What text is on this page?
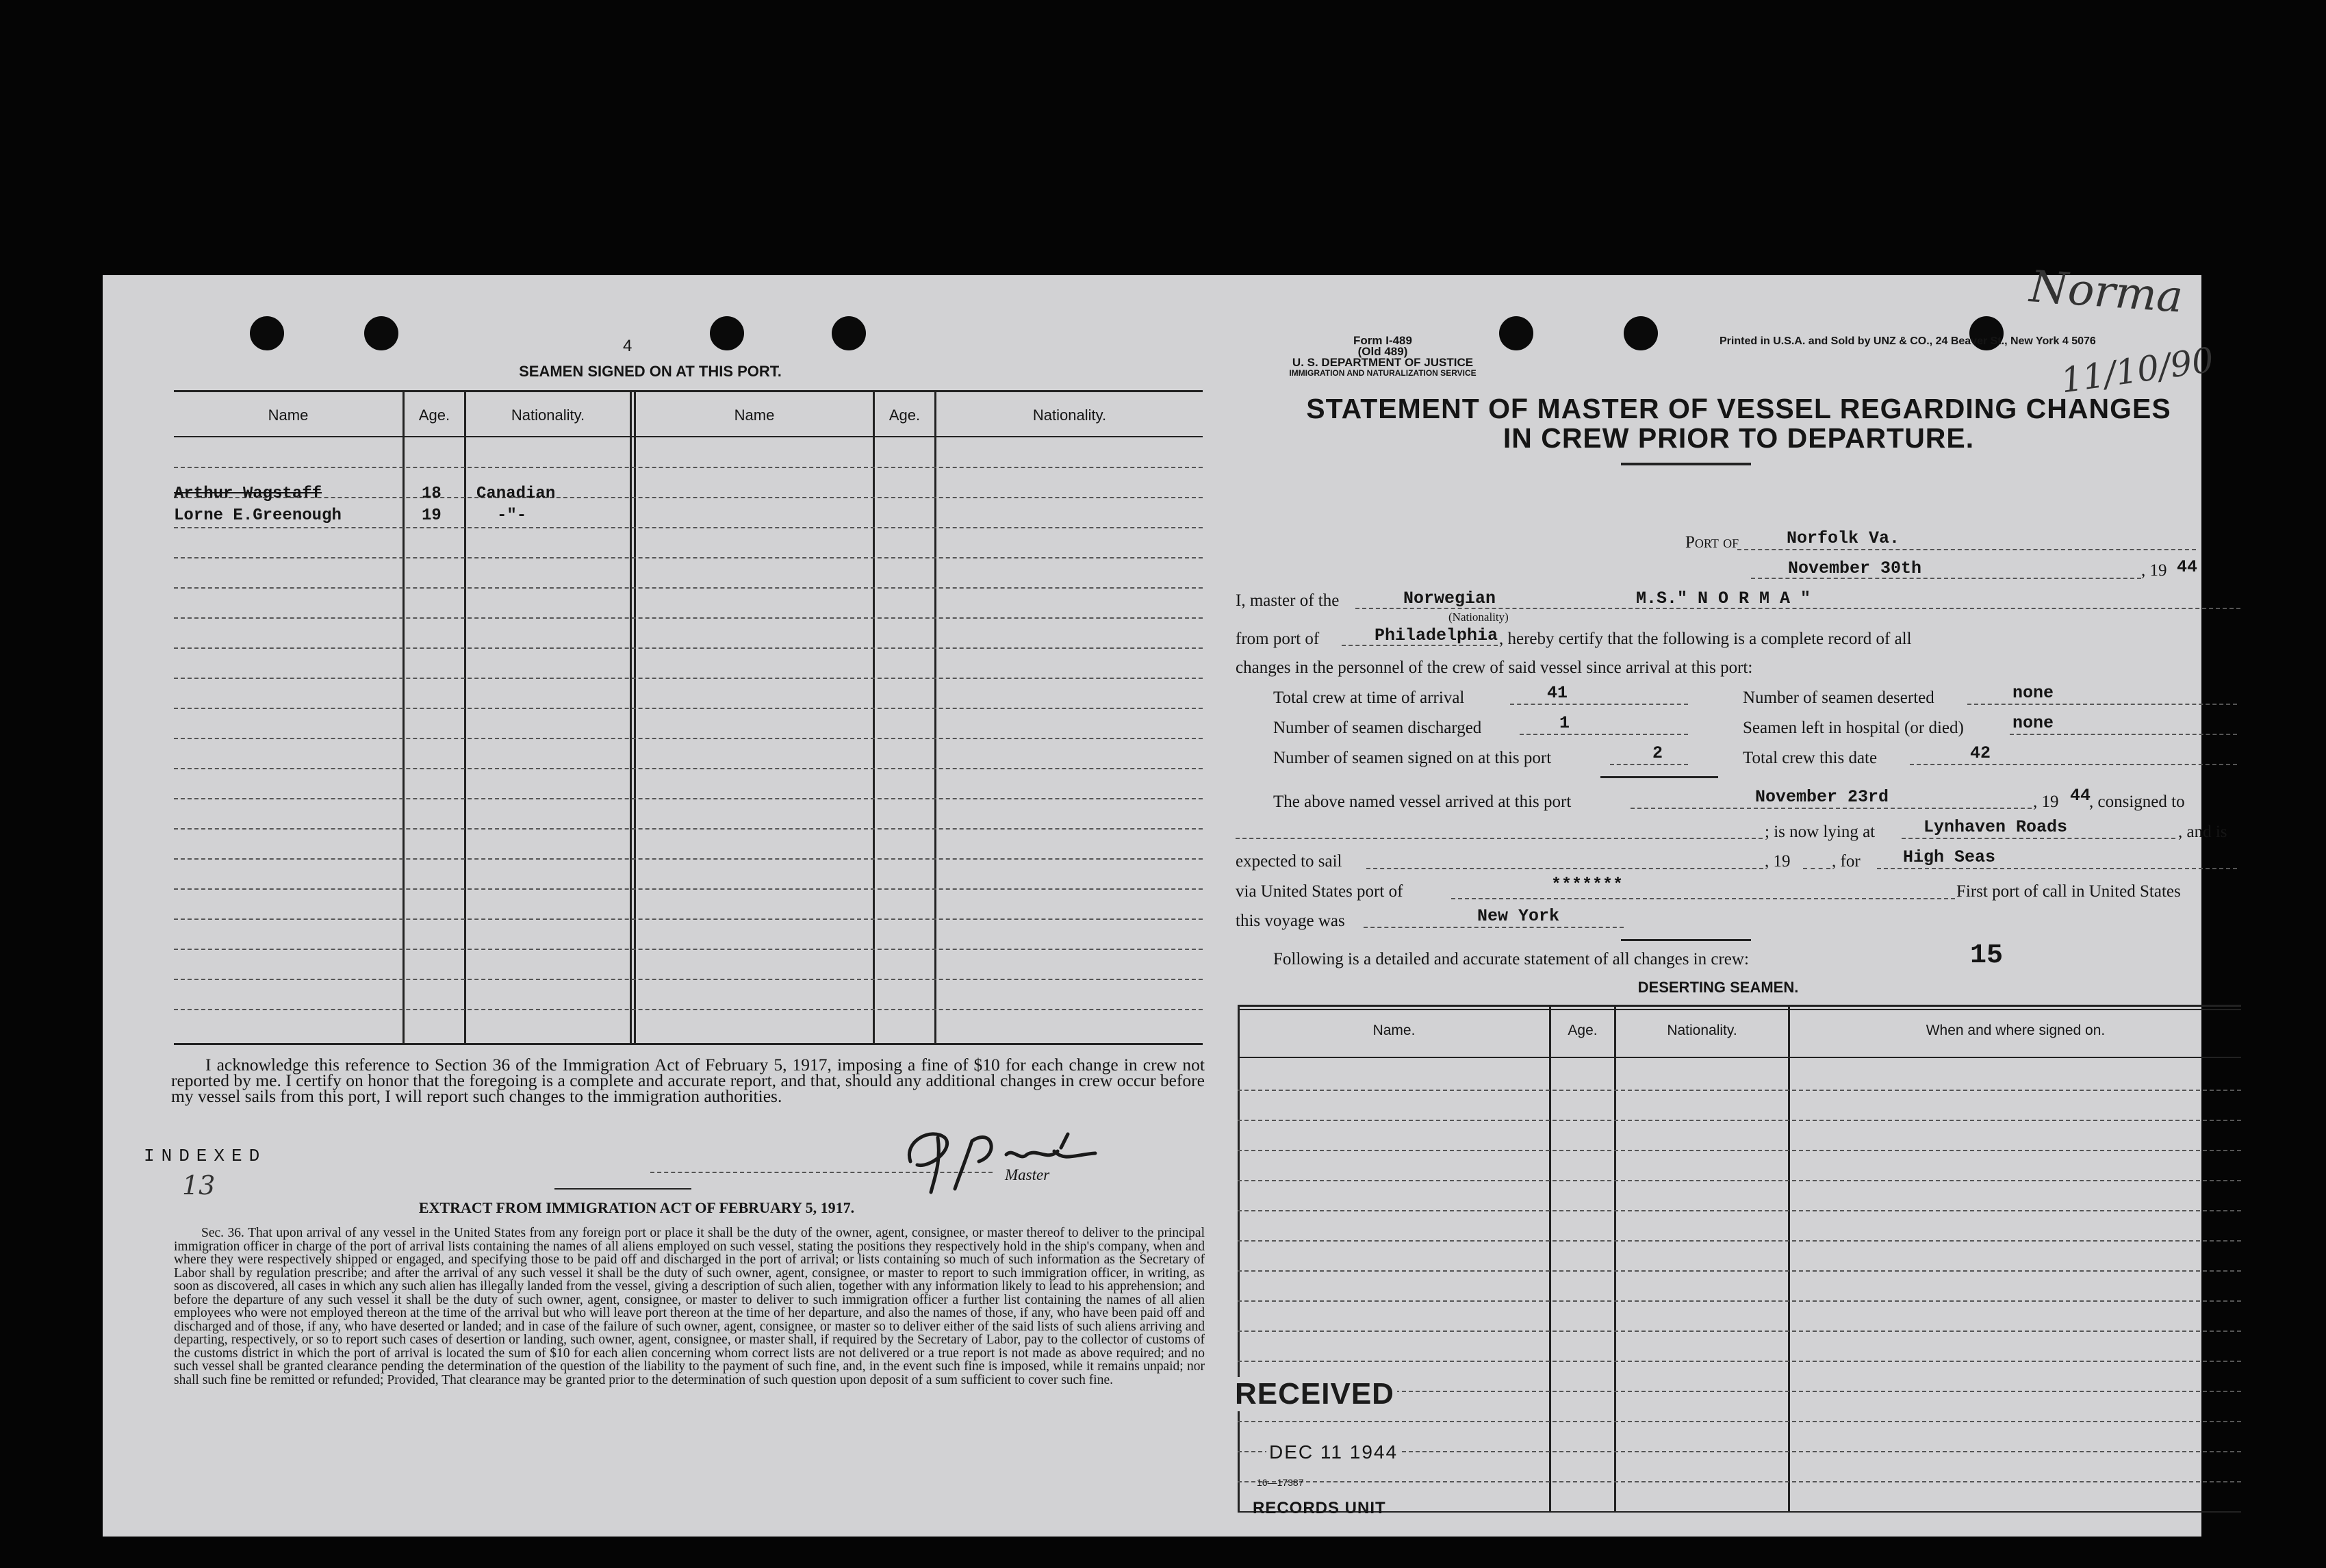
4
SEAMEN SIGNED ON AT THIS PORT.
Name	Age.	Nationality.	Name	Age.	Nationality.
Arthur Wagstaff	18 Canadian
Lorne E.Greenough	19	-"-
I acknowledge this reference to Section 36 of the Immigration Act of February 5, 1917, imposing a fine of $10 for each change in crew not reported by me. I certify on honor that the foregoing is a complete and accurate report, and that, should any additional changes in crew occur before my vessel sails from this port, I will report such changes to the immigration authorities.
INDEXED
13	Master
EXTRACT FROM IMMIGRATION ACT OF FEBRUARY 5, 1917.
Sec. 36. That upon arrival of any vessel in the United States from any foreign port or place it shall be the duty of the owner, agent, consignee, or master thereof to deliver to the principal immigration officer in charge of the port of arrival lists containing the names of all aliens employed on such vessel, stating the positions they respectively hold in the ship's company, when and where they were respectively shipped or engaged, and specifying those to be paid off and discharged in the port of arrival; or lists containing so much of such information as the Secretary of Labor shall by regulation prescribe; and after the arrival of any such vessel it shall be the duty of such owner, agent, consignee, or master to report to such immigration officer, in writing, as soon as discovered, all cases in which any such alien has illegally landed from the vessel, giving a description of such alien, together with any information likely to lead to his apprehension; and before the departure of any such vessel it shall be the duty of such owner, agent, consignee, or master to deliver to such immigration officer a further list containing the names of all alien employees who were not employed thereon at the time of the arrival but who will leave port thereon at the time of her departure, and also the names of those, if any, who have been paid off and discharged and of those, if any, who have deserted or landed; and in case of the failure of such owner, agent, consignee, or master so to deliver either of the said lists of such aliens arriving and departing, respectively, or so to report such cases of desertion or landing, such owner, agent, consignee, or master shall, if required by the Secretary of Labor, pay to the collector of customs of the customs district in which the port of arrival is located the sum of $10 for each alien concerning whom correct lists are not delivered or a true report is not made as above required; and no such vessel shall be granted clearance pending the determination of the question of the liability to the payment of such fine, and, in the event such fine is imposed, while it remains unpaid; nor shall such fine be remitted or refunded; Provided, That clearance may be granted prior to the determination of such question upon deposit of a sum sufficient to cover such fine.
Form I-489
(Old 489)
U. S. DEPARTMENT OF JUSTICE
IMMIGRATION AND NATURALIZATION SERVICE
Printed in U.S.A. and Sold by UNZ & CO., 24 Beaver St., New York 4 5076
Norma
11/10/90
STATEMENT OF MASTER OF VESSEL REGARDING CHANGES
IN CREW PRIOR TO DEPARTURE.
Port of	Norfolk Va.
November 30th	, 19 44
I, master of the	Norwegian
(Nationality)
M.S." N O R M A "
from port of	Philadelphia , hereby certify that the following is a complete record of all
changes in the personnel of the crew of said vessel since arrival at this port:
Total crew at time of arrival	41	Number of seamen deserted	none
Number of seamen discharged	1	Seamen left in hospital (or died)	none
Number of seamen signed on at this port	2	Total crew this date	42
The above named vessel arrived at this port	November 23rd	, 19 44
, consigned to
; is now lying at	Lynhaven Roads	, and is
expected to sail	, 19 , for High Seas
via United States port of	*******	First port of call in United States
this voyage was	New York
Following is a detailed and accurate statement of all changes in crew:	15
DESERTING SEAMEN.
Name.	Age.	Nationality.	When and where signed on.
RECEIVED
DEC 11 1944
16—17387
RECORDS UNIT
